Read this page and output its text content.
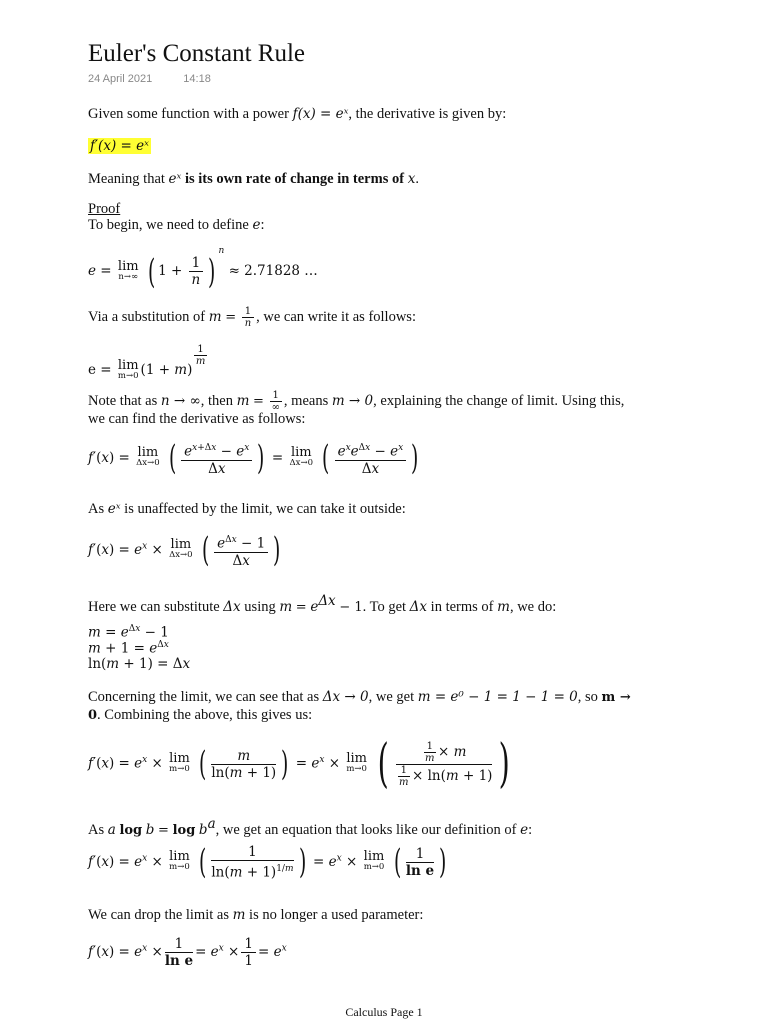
Euler's Constant Rule
24 April 2021	14:18
Given some function with a power f(x) = eˣ, the derivative is given by:
f′(x) = eˣ
Meaning that eˣ is its own rate of change in terms of x.
Proof
To begin, we need to define e:
e = lim
n→∞ ( $1 + \frac{1}{n} )^n \approx 2.71828$ …
Via a substitution of $m = \frac{1}{n}$ , we can write it as follows:
e = lim
m→0 (1 + m)
$\frac{1}{m}$
Note that as n → ∞, then $m = \frac{1}{\infty}$ , means m → 0, explaining the change of limit. Using this,
we can find the derivative as follows:
f′(x) = lim
Δx→0 ( $\frac{e^{x+\Delta x} - e^x}{\Delta x}$ ) = lim
Δx→0 ( $\frac{e^xe^{\Delta x} - e^x}{\Delta x}$ )
As eˣ is unaffected by the limit, we can take it outside:
$f'(x) = e^x \times \lim$
Δx→0 ( $\frac{e^{\Delta x} - 1}{\Delta x}$ )
Here we can substitute Δx using $m = e^{\Delta x} - 1$. To get Δx in terms of m, we do:
$m = e^{\Delta x} - 1$
$m + 1 = e^{\Delta x}$
ln(m + 1) = Δx
Concerning the limit, we can see that as Δx → 0, we get m = e⁰ − 1 = 1 − 1 = 0, so m →
0. Combining the above, this gives us:
$f'(x) = e^x \times \lim$
m→0 ( $\frac{m}{\ln(m + 1)}$ ) = $e^x \times \lim$
m→0 ( $\frac{\frac{1}{m} \times m}{\frac{1}{m} \times \ln(m + 1)}$ )
As a $\log b = \log b^a$, we get an equation that looks like our definition of e:
$f'(x) = e^x \times \lim$
m→0 ( $\frac{1}{\ln(m + 1)^{1/m}}$ ) = $e^x \times \lim$
m→0 ( $\frac{1}{\text{ln e}}$ )
We can drop the limit as m is no longer a used parameter:
$f'(x) = e^x \times \frac{1}{\text{ln e}} = e^x \times \frac{1}{1} = e^x$
Calculus Page 1
